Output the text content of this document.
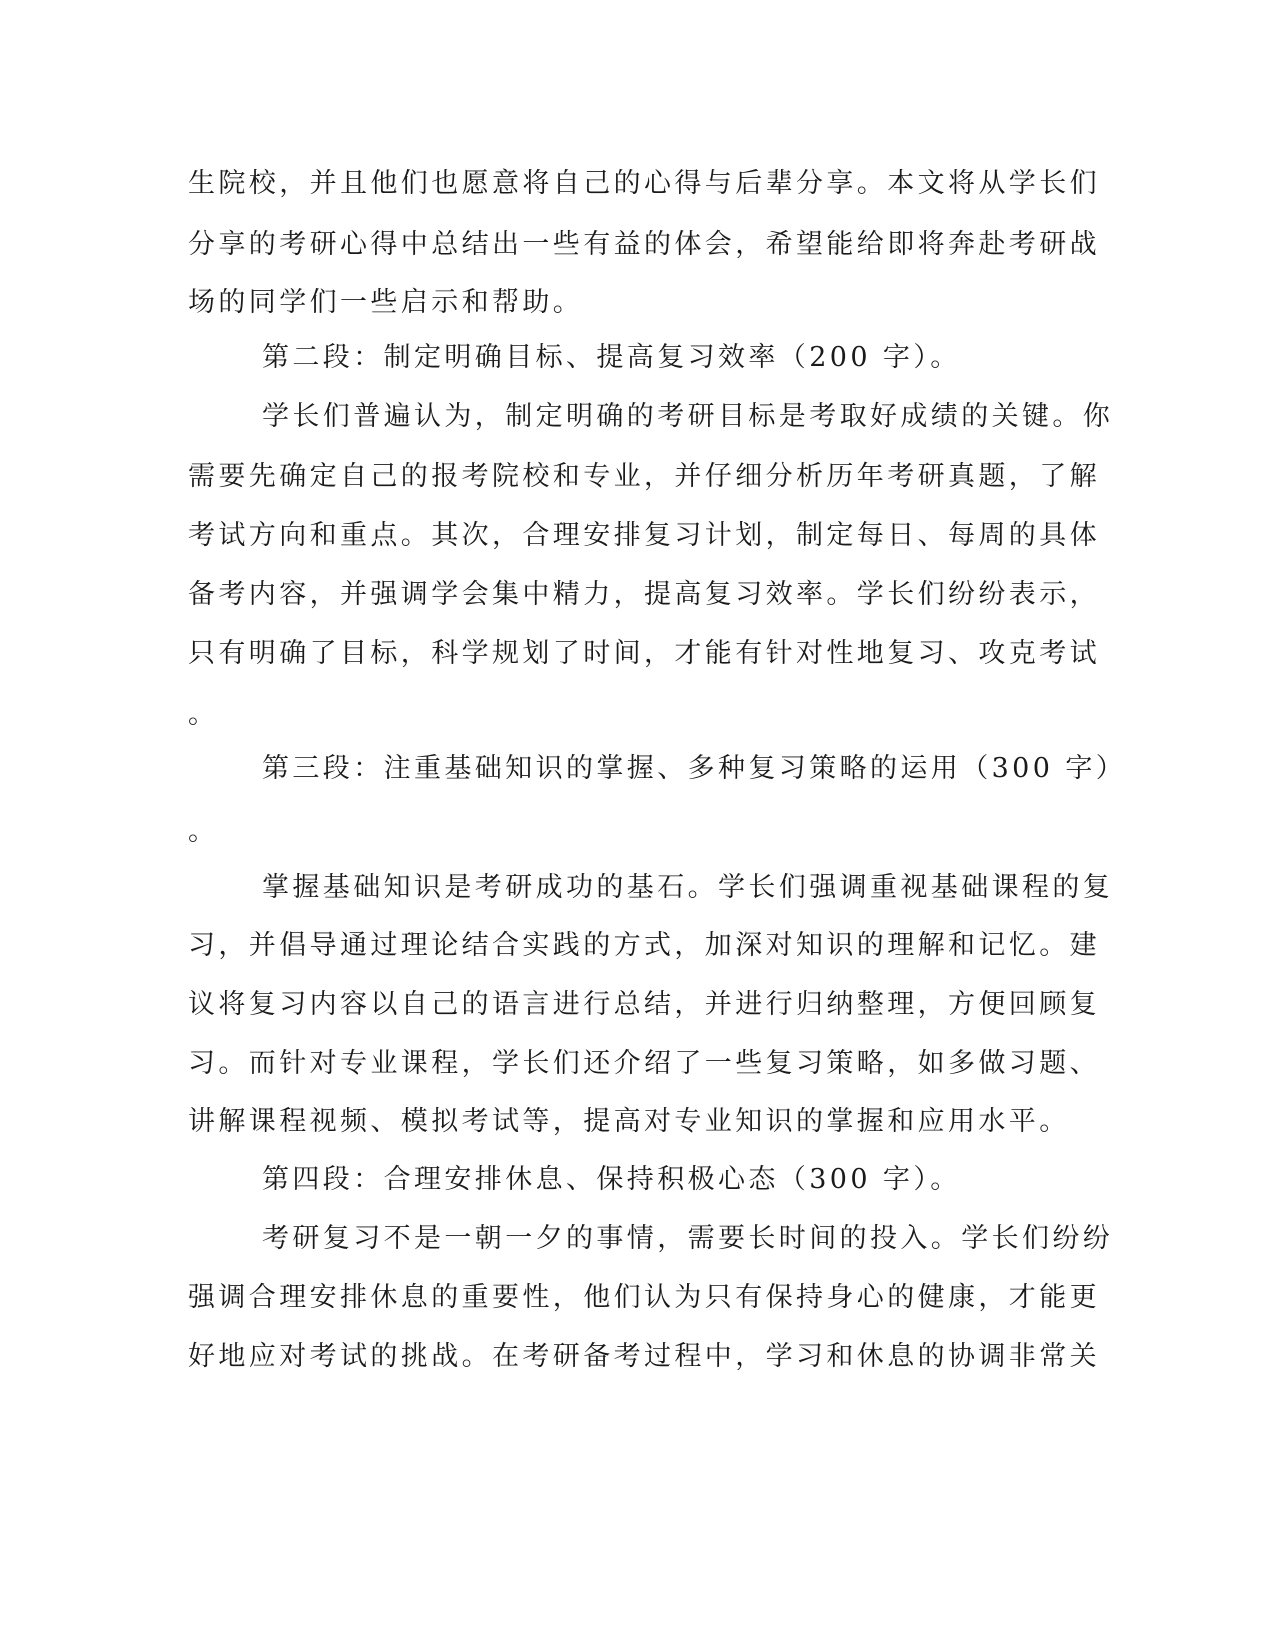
生院校，并且他们也愿意将自己的心得与后辈分享。本文将从学长们
分享的考研心得中总结出一些有益的体会，希望能给即将奔赴考研战
场的同学们一些启示和帮助。
第二段：制定明确目标、提高复习效率（200 字）。
学长们普遍认为，制定明确的考研目标是考取好成绩的关键。你
需要先确定自己的报考院校和专业，并仔细分析历年考研真题，了解
考试方向和重点。其次，合理安排复习计划，制定每日、每周的具体
备考内容，并强调学会集中精力，提高复习效率。学长们纷纷表示，
只有明确了目标，科学规划了时间，才能有针对性地复习、攻克考试
。
第三段：注重基础知识的掌握、多种复习策略的运用（300 字）
。
掌握基础知识是考研成功的基石。学长们强调重视基础课程的复
习，并倡导通过理论结合实践的方式，加深对知识的理解和记忆。建
议将复习内容以自己的语言进行总结，并进行归纳整理，方便回顾复
习。而针对专业课程，学长们还介绍了一些复习策略，如多做习题、
讲解课程视频、模拟考试等，提高对专业知识的掌握和应用水平。
第四段：合理安排休息、保持积极心态（300 字）。
考研复习不是一朝一夕的事情，需要长时间的投入。学长们纷纷
强调合理安排休息的重要性，他们认为只有保持身心的健康，才能更
好地应对考试的挑战。在考研备考过程中，学习和休息的协调非常关
